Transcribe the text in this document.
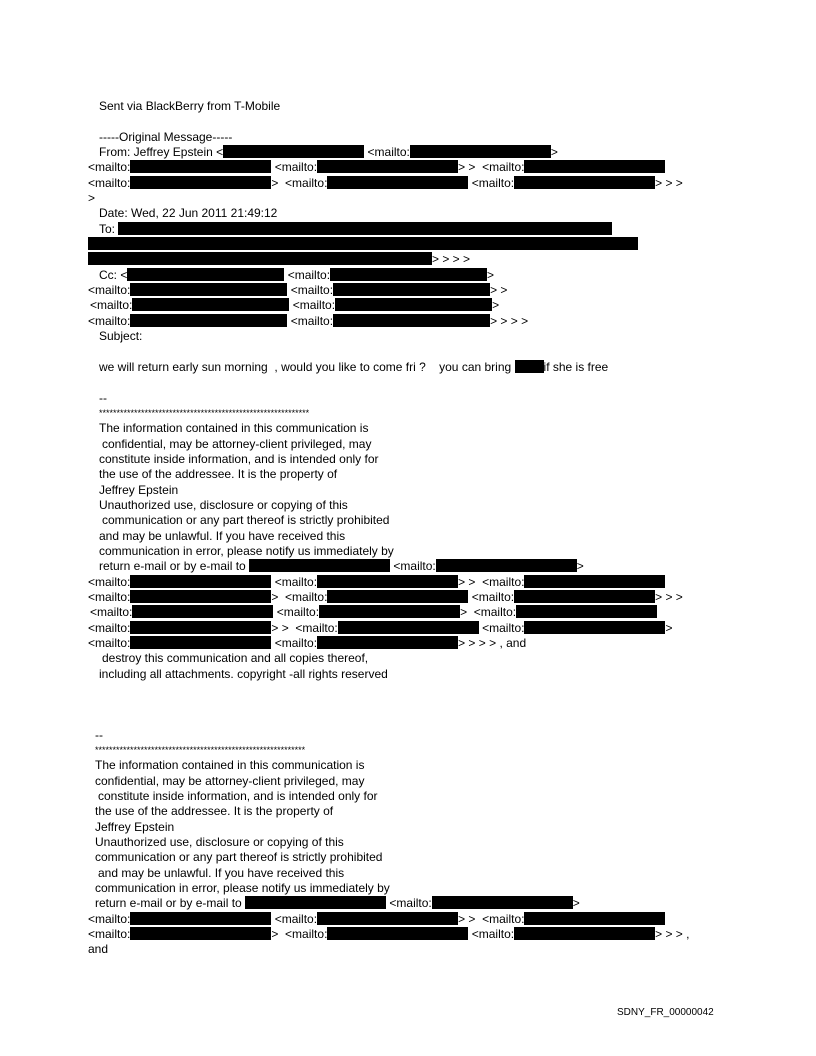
Sent via BlackBerry from T-Mobile
-----Original Message-----
From: Jeffrey Epstein <	<mailto:	>
<mailto:	<mailto:	> > <mailto:
<mailto:	> <mailto:	<mailto:	> > >
>
Date: Wed, 22 Jun 2011 21:49:12
To:
> > > >
Cc: <	<mailto:	>
<mailto:	<mailto:	> >
<mailto:	<mailto:	>
<mailto:	<mailto:	> > > >
Subject:
we will return early sun morning  , would you like to come fri ?    you can bring if she is free
--
************************************************************
The information contained in this communication is
confidential, may be attorney-client privileged, may
constitute inside information, and is intended only for
the use of the addressee. It is the property of
Jeffrey Epstein
Unauthorized use, disclosure or copying of this
communication or any part thereof is strictly prohibited
and may be unlawful. If you have received this
communication in error, please notify us immediately by
return e-mail or by e-mail to	<mailto:	>
<mailto:	<mailto:	> > <mailto:
<mailto:	> <mailto:	<mailto:	> > >
<mailto:	<mailto:	> <mailto:
<mailto:	> > <mailto:	<mailto:	>
<mailto:	<mailto:	> > > > , and
destroy this communication and all copies thereof,
including all attachments. copyright -all rights reserved
--
************************************************************
The information contained in this communication is
confidential, may be attorney-client privileged, may
constitute inside information, and is intended only for
the use of the addressee. It is the property of
Jeffrey Epstein
Unauthorized use, disclosure or copying of this
communication or any part thereof is strictly prohibited
and may be unlawful. If you have received this
communication in error, please notify us immediately by
return e-mail or by e-mail to	<mailto:	>
<mailto:	<mailto:	> > <mailto:
<mailto:	> <mailto:	<mailto:	> > > ,
and
SDNY_FR_00000042
